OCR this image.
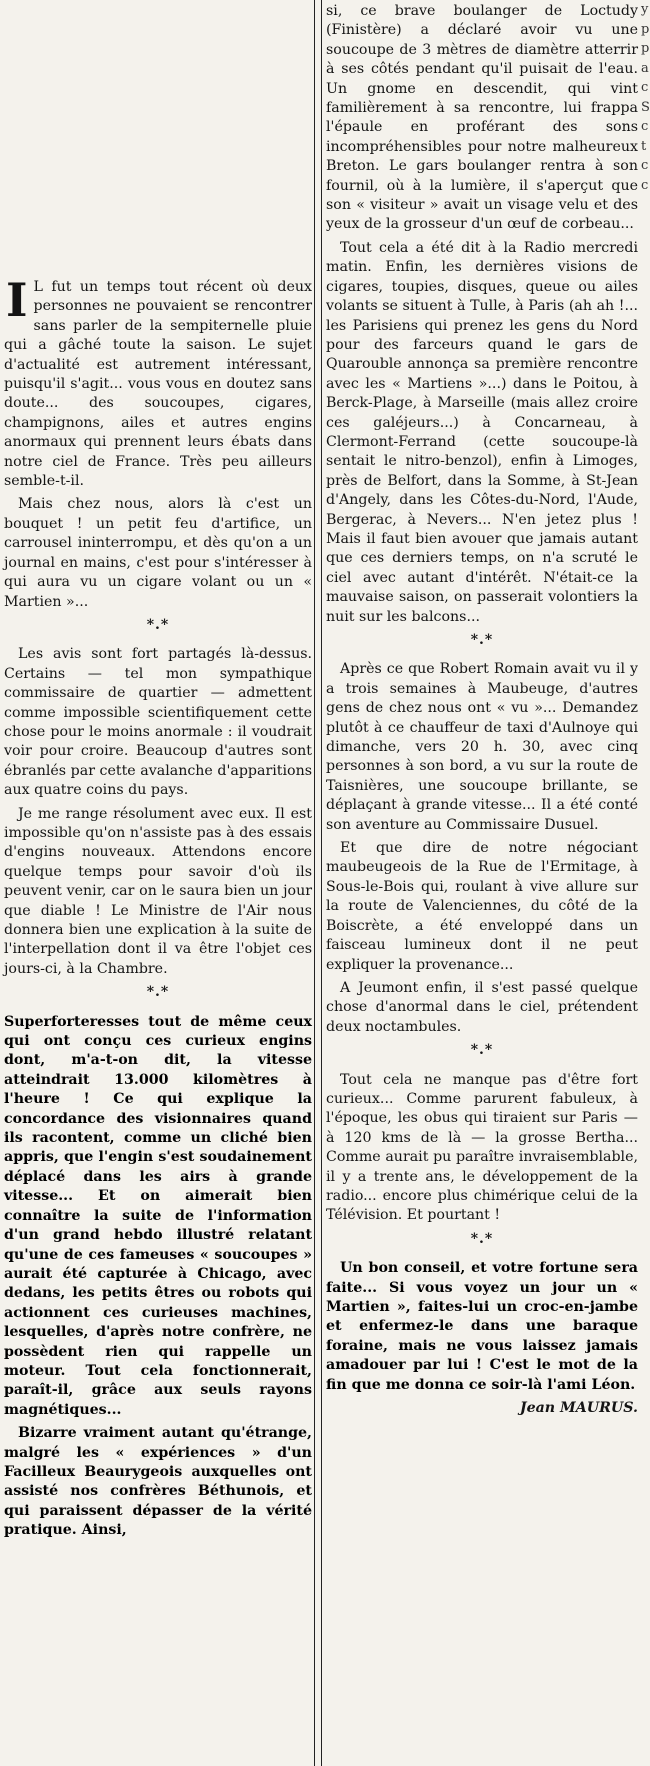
I L fut un temps tout récent où deux personnes ne pouvaient se rencontrer sans parler de la sempiternelle pluie qui a gâché toute la saison. Le sujet d'actualité est autrement intéressant, puisqu'il s'agit... vous vous en doutez sans doute... des soucoupes, cigares, champignons, ailes et autres engins anormaux qui prennent leurs ébats dans notre ciel de France. Très peu ailleurs semble-t-il.

Mais chez nous, alors là c'est un bouquet ! un petit feu d'artifice, un carrousel ininterrompu, et dès qu'on a un journal en mains, c'est pour s'intéresser à qui aura vu un cigare volant ou un « Martien »...

*.*

Les avis sont fort partagés là-dessus. Certains — tel mon sympathique commissaire de quartier — admettent comme impossible scientifiquement cette chose pour le moins anormale : il voudrait voir pour croire. Beaucoup d'autres sont ébranlés par cette avalanche d'apparitions aux quatre coins du pays.

Je me range résolument avec eux. Il est impossible qu'on n'assiste pas à des essais d'engins nouveaux. Attendons encore quelque temps pour savoir d'où ils peuvent venir, car on le saura bien un jour que diable ! Le Ministre de l'Air nous donnera bien une explication à la suite de l'interpellation dont il va être l'objet ces jours-ci, à la Chambre.

*.*

Superforteresses tout de même ceux qui ont conçu ces curieux engins dont, m'a-t-on dit, la vitesse atteindrait 13.000 kilomètres à l'heure ! Ce qui explique la concordance des visionnaires quand ils racontent, comme un cliché bien appris, que l'engin s'est soudainement déplacé dans les airs à grande vitesse... Et on aimerait bien connaître la suite de l'information d'un grand hebdo illustré relatant qu'une de ces fameuses « soucoupes » aurait été capturée à Chicago, avec dedans, les petits êtres ou robots qui actionnent ces curieuses machines, lesquelles, d'après notre confrère, ne possèdent rien qui rappelle un moteur. Tout cela fonctionnerait, paraît-il, grâce aux seuls rayons magnétiques...

Bizarre vraiment autant qu'étrange, malgré les « expériences » d'un Facilleux Beaurygeois auxquelles ont assisté nos confrères Béthunois, et qui paraissent dépasser de la vérité pratique. Ainsi,

si, ce brave boulanger de Loctudy (Finistère) a déclaré avoir vu une soucoupe de 3 mètres de diamètre atterrir à ses côtés pendant qu'il puisait de l'eau. Un gnome en descendit, qui vint familièrement à sa rencontre, lui frappa l'épaule en proférant des sons incompréhensibles pour notre malheureux Breton. Le gars boulanger rentra à son fournil, où à la lumière, il s'aperçut que son « visiteur » avait un visage velu et des yeux de la grosseur d'un œuf de corbeau...

Tout cela a été dit à la Radio mercredi matin. Enfin, les dernières visions de cigares, toupies, disques, queue ou ailes volants se situent à Tulle, à Paris (ah ah !... les Parisiens qui prenez les gens du Nord pour des farceurs quand le gars de Quarouble annonça sa première rencontre avec les « Martiens »...) dans le Poitou, à Berck-Plage, à Marseille (mais allez croire ces galéjeurs...) à Concarneau, à Clermont-Ferrand (cette soucoupe-là sentait le nitro-benzol), enfin à Limoges, près de Belfort, dans la Somme, à St-Jean d'Angely, dans les Côtes-du-Nord, l'Aude, Bergerac, à Nevers... N'en jetez plus ! Mais il faut bien avouer que jamais autant que ces derniers temps, on n'a scruté le ciel avec autant d'intérêt. N'était-ce la mauvaise saison, on passerait volontiers la nuit sur les balcons...

*.*

Après ce que Robert Romain avait vu il y a trois semaines à Maubeuge, d'autres gens de chez nous ont « vu »... Demandez plutôt à ce chauffeur de taxi d'Aulnoye qui dimanche, vers 20 h. 30, avec cinq personnes à son bord, a vu sur la route de Taisnières, une soucoupe brillante, se déplaçant à grande vitesse... Il a été conté son aventure au Commissaire Dusuel.

Et que dire de notre négociant maubeugeois de la Rue de l'Ermitage, à Sous-le-Bois qui, roulant à vive allure sur la route de Valenciennes, du côté de la Boiscrète, a été enveloppé dans un faisceau lumineux dont il ne peut expliquer la provenance...

A Jeumont enfin, il s'est passé quelque chose d'anormal dans le ciel, prétendent deux noctambules.

*.*

Tout cela ne manque pas d'être fort curieux... Comme parurent fabuleux, à l'époque, les obus qui tiraient sur Paris — à 120 kms de là — la grosse Bertha... Comme aurait pu paraître invraisemblable, il y a trente ans, le développement de la radio... encore plus chimérique celui de la Télévision. Et pourtant !

*.*

Un bon conseil, et votre fortune sera faite... Si vous voyez un jour un « Martien », faites-lui un croc-en-jambe et enfermez-le dans une baraque foraine, mais ne vous laissez jamais amadouer par lui ! C'est le mot de la fin que me donna ce soir-là l'ami Léon.

Jean MAURUS.
y
p
p
a
c
S
c
t
c
c
